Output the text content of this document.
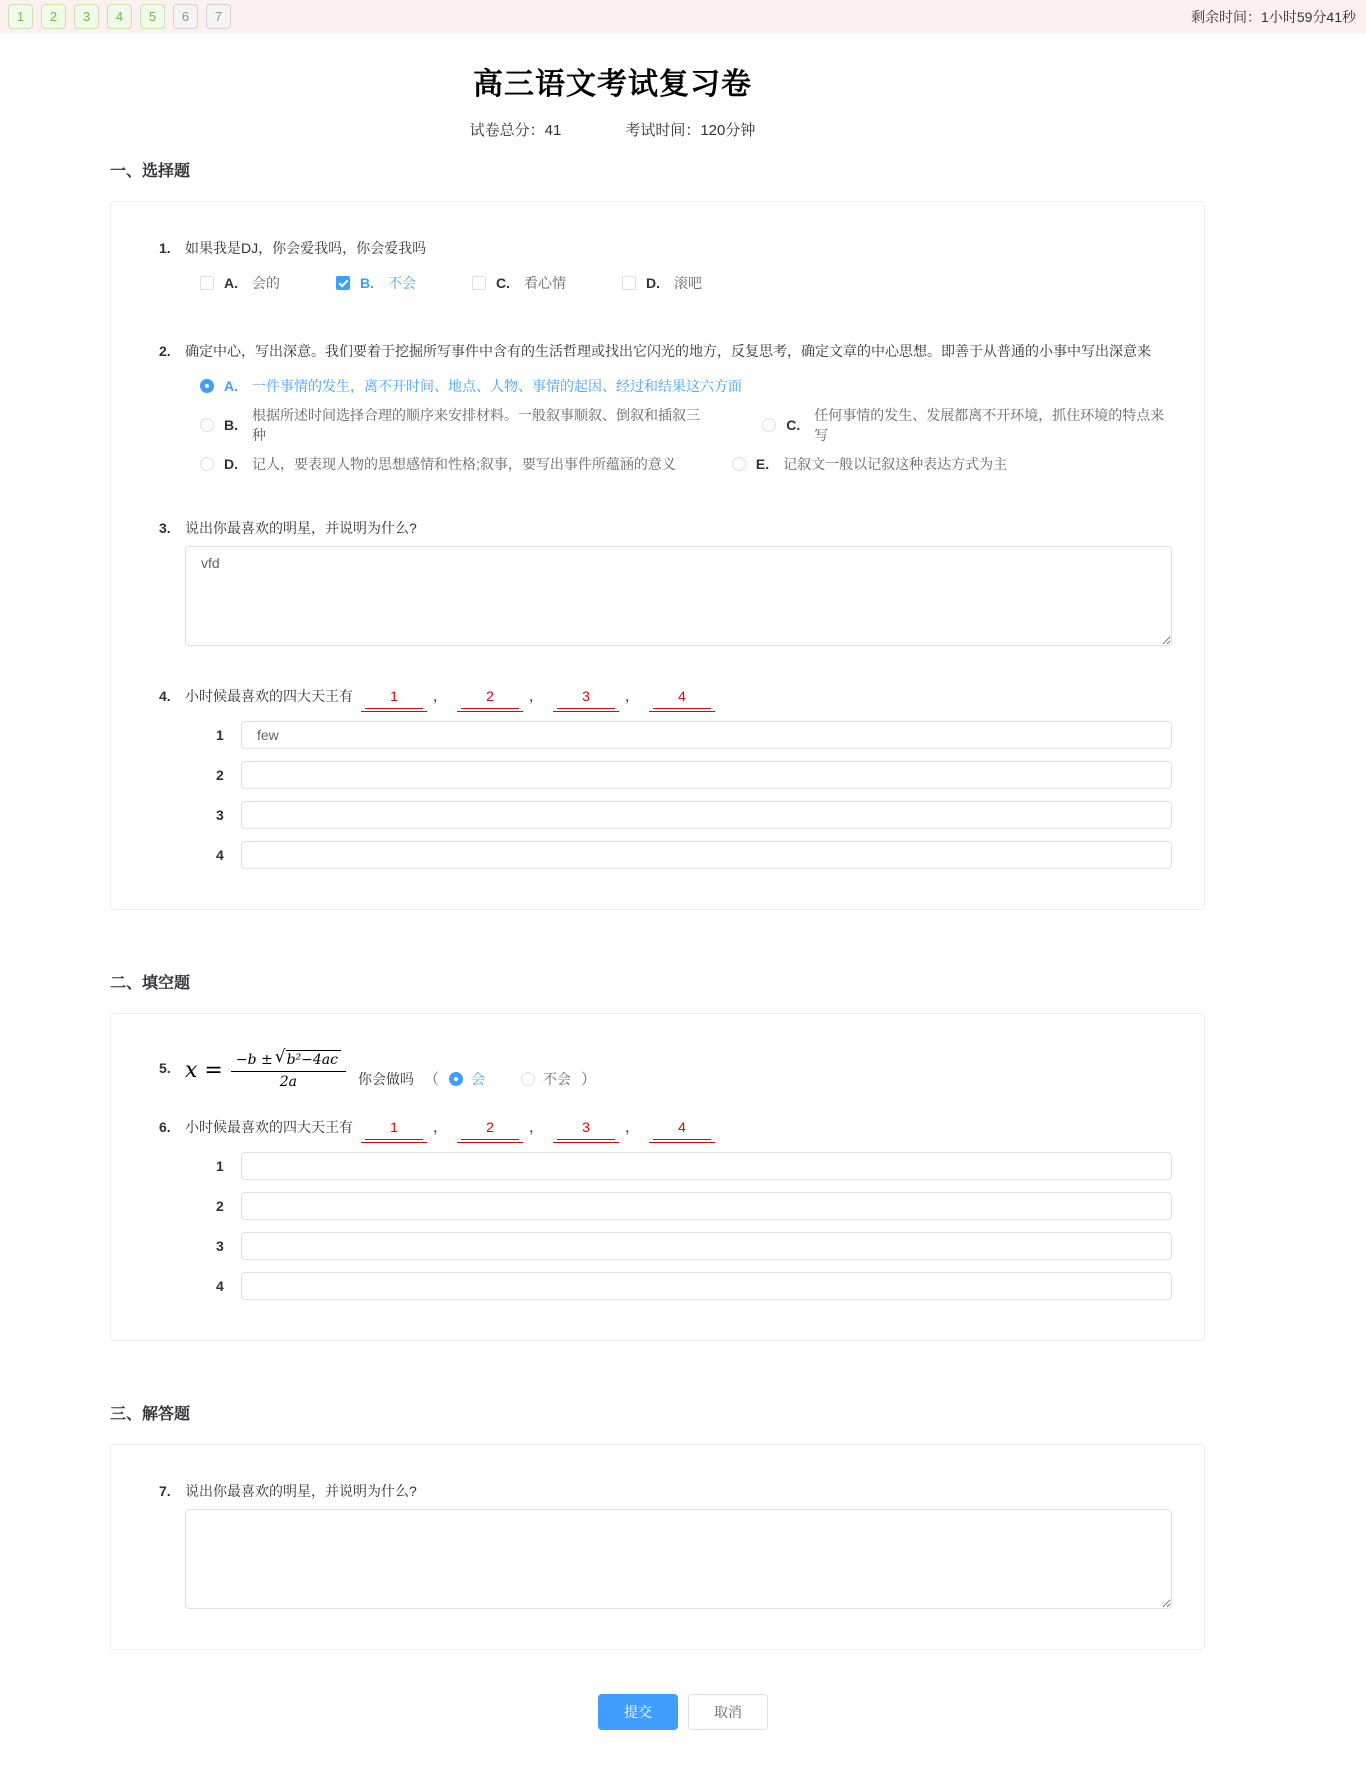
1	2	3	4	5	6	7	剩余时间：1小时59分41秒
高三语文考试复习卷
试卷总分：41	考试时间：120分钟
一、选择题
1.	如果我是DJ，你会爱我吗，你会爱我吗
A. 会的	B. 不会	C. 看心情	D. 滚吧
2.	确定中心，写出深意。我们要着于挖掘所写事件中含有的生活哲理或找出它闪光的地方，反复思考，确定文章的中心思想。即善于从普通的小事中写出深意来
A. 一件事情的发生，离不开时间、地点、人物、事情的起因、经过和结果这六方面
B.
根据所述时间选择合理的顺序来安排材料。一般叙事顺叙、倒叙和插叙三种
C.
任何事情的发生、发展都离不开环境，抓住环境的特点来写
D. 记人，要表现人物的思想感情和性格;叙事，要写出事件所蕴涵的意义	E. 记叙文一般以记叙这种表达方式为主
3.	说出你最喜欢的明星，并说明为什么?
vfd
4.	小时候最喜欢的四大天王有	1	，	2	，	3	，	4
1
few
2
3
4
二、填空题
5. $x = \frac{\text{−b ± √ b²−4ac}}{2a}$ 你会做吗 （ 会	不会 ）
6.	小时候最喜欢的四大天王有	1	，	2	，	3	，	4
1
2
3
4
三、解答题
7.	说出你最喜欢的明星，并说明为什么?
提交	取消
